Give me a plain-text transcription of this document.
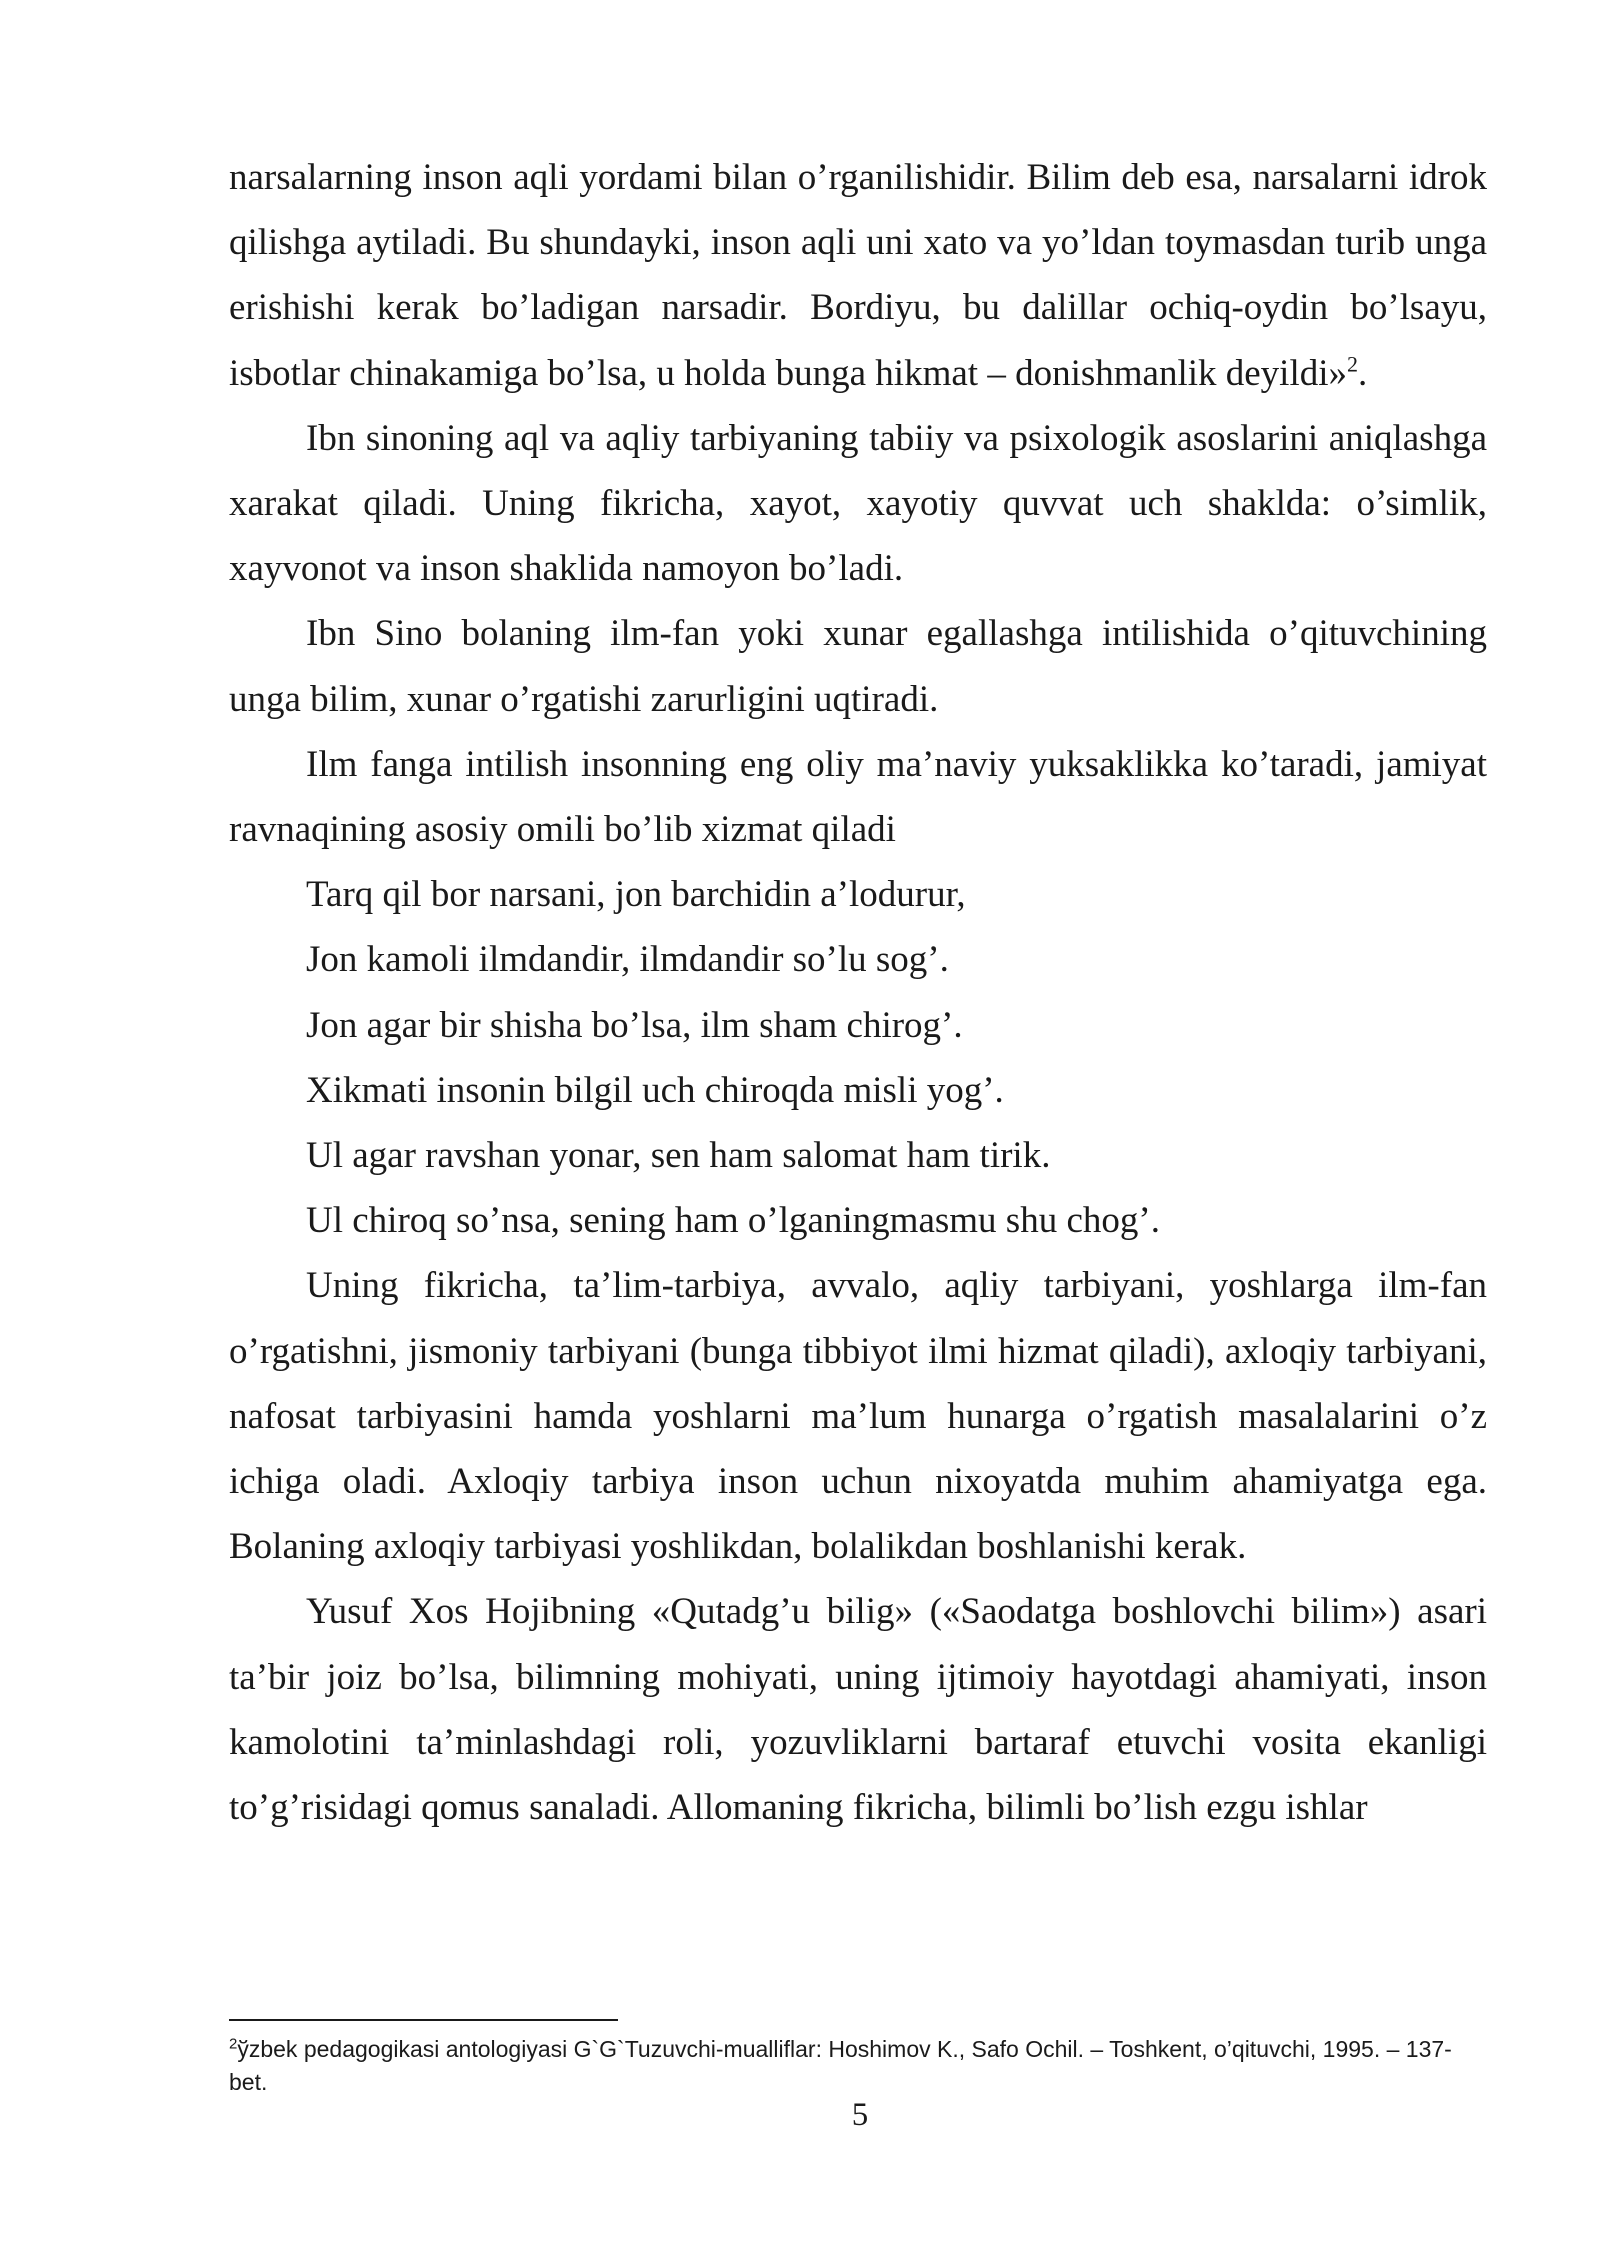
narsalarning inson aqli yordami bilan o’rganilishidir. Bilim deb esa, narsalarni idrok qilishga aytiladi. Bu shundayki, inson aqli uni xato va yo’ldan toymasdan turib unga erishishi kerak bo’ladigan narsadir. Bordiyu, bu dalillar ochiq-oydin bo’lsayu, isbotlar chinakamiga bo’lsa, u holda bunga hikmat – donishmanlik deyildi»$^2$.

Ibn sinoning aql va aqliy tarbiyaning tabiiy va psixologik asoslarini aniqlashga xarakat qiladi. Uning fikricha, xayot, xayotiy quvvat uch shakldа: o’simlik, xayvonot va inson shaklida namoyon bo’ladi.

Ibn Sino bolaning ilm-fan yoki xunar egallashga intilishida o’qituvchining unga bilim, xunar o’rgatishi zarurligini uqtiradi.

Ilm fanga intilish insonning eng oliy ma’naviy yuksaklikka ko’taradi, jamiyat ravnaqining asosiy omili bo’lib xizmat qiladi

Tarq qil bor narsani, jon barchidin a’lodurur,

Jon kamoli ilmdandir, ilmdandir so’lu sog’.

Jon agar bir shisha bo’lsa, ilm sham chirog’.

Xikmati insonin bilgil uch chiroqda misli yog’.

Ul agar ravshan yonar, sen ham salomat ham tirik.

Ul chiroq so’nsa, sening ham o’lganingmasmu shu chog’.

Uning fikricha, ta’lim-tarbiya, avvalo, aqliy tarbiyani, yoshlarga ilm-fan o’rgatishni, jismoniy tarbiyani (bunga tibbiyot ilmi hizmat qiladi), axloqiy tarbiyani, nafosat tarbiyasini hamda yoshlarni ma’lum hunarga o’rgatish masalalarini o’z ichiga oladi. Axloqiy tarbiya inson uchun nixoyatda muhim ahamiyatga ega. Bolaning axloqiy tarbiyasi yoshlikdan, bolalikdan boshlanishi kerak.

Yusuf Xos Hojibning «Qutadg’u bilig» («Saodatga boshlovchi bilim») asari ta’bir joiz bo’lsa, bilimning mohiyati, uning ijtimoiy hayotdagi ahamiyati, inson kamolotini ta’minlashdagi roli, yozuvliklarni bartaraf etuvchi vosita ekanligi to’g’risidagi qomus sanaladi. Allomaning fikricha, bilimli bo’lish ezgu ishlar

$^2$ўzbek pedagogikasi antologiyasi G`G`Tuzuvchi-mualliflar: Hoshimov K., Safo Ochil. – Toshkent, o’qituvchi, 1995. – 137-bet.
5
